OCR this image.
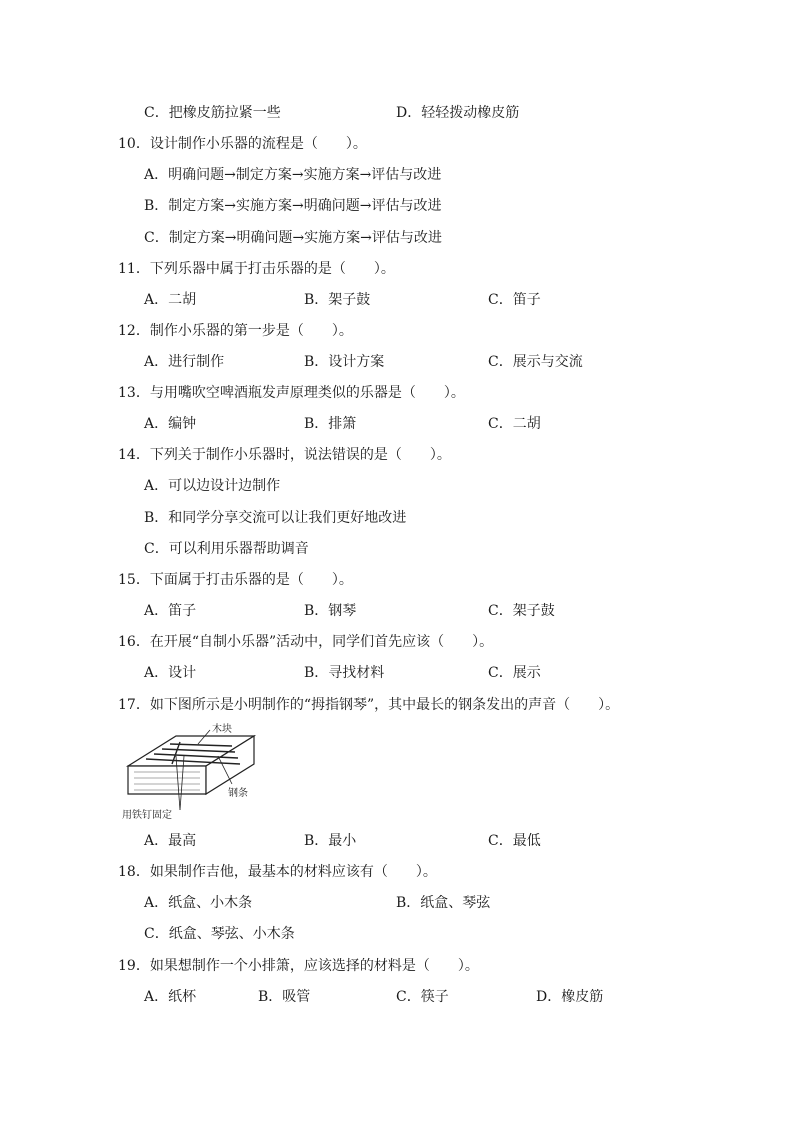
C．把橡皮筋拉紧一些	D．轻轻拨动橡皮筋
10．设计制作小乐器的流程是（　　）。
A．明确问题→制定方案→实施方案→评估与改进
B．制定方案→实施方案→明确问题→评估与改进
C．制定方案→明确问题→实施方案→评估与改进
11．下列乐器中属于打击乐器的是（　　）。
A．二胡	B．架子鼓	C．笛子
12．制作小乐器的第一步是（　　）。
A．进行制作	B．设计方案	C．展示与交流
13．与用嘴吹空啤酒瓶发声原理类似的乐器是（　　）。
A．编钟	B．排箫	C．二胡
14．下列关于制作小乐器时，说法错误的是（　　）。
A．可以边设计边制作
B．和同学分享交流可以让我们更好地改进
C．可以利用乐器帮助调音
15．下面属于打击乐器的是（　　）。
A．笛子	B．钢琴	C．架子鼓
16．在开展“自制小乐器”活动中，同学们首先应该（　　）。
A．设计	B．寻找材料	C．展示
17．如下图所示是小明制作的“拇指钢琴”，其中最长的钢条发出的声音（　　）。
木块
钢条
用铁钉固定
A．最高	B．最小	C．最低
18．如果制作吉他，最基本的材料应该有（　　）。
A．纸盒、小木条	B．纸盒、琴弦
C．纸盒、琴弦、小木条
19．如果想制作一个小排箫，应该选择的材料是（　　）。
A．纸杯	B．吸管	C．筷子	D．橡皮筋
